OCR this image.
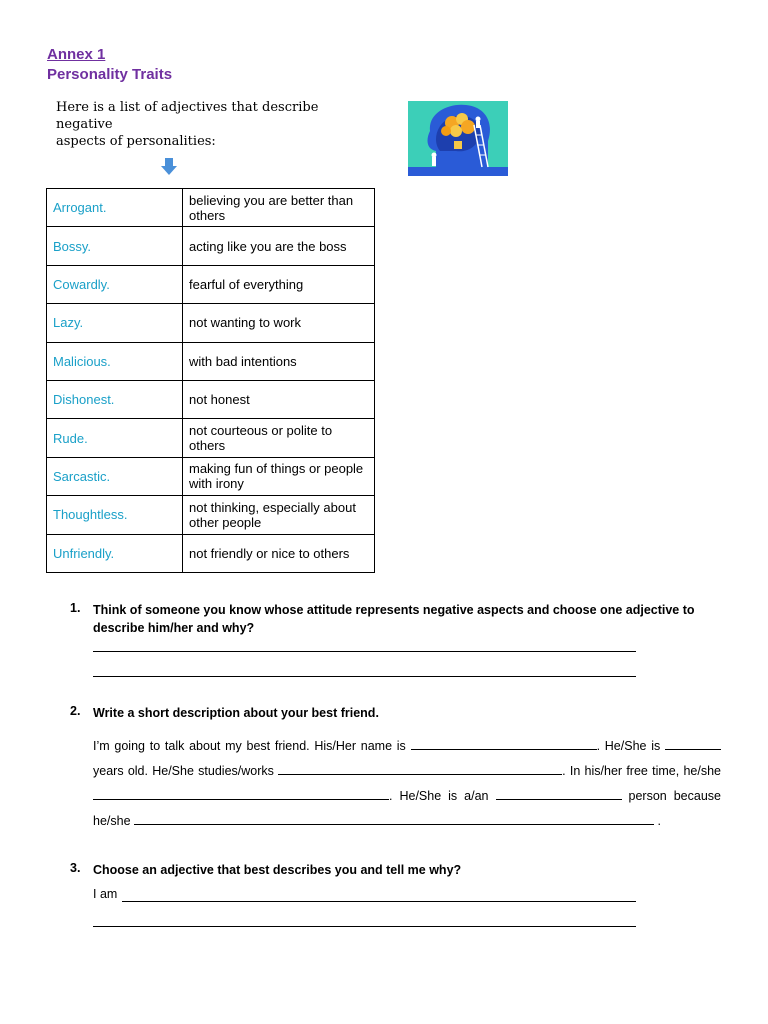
Annex 1
Personality Traits
Here is a list of adjectives that describe
negative
aspects of personalities:
Arrogant.	believing you are better than others
Bossy.	acting like you are the boss
Cowardly.	fearful of everything
Lazy.	not wanting to work
Malicious.	with bad intentions
Dishonest.	not honest
Rude.	not courteous or polite to others
Sarcastic.	making fun of things or people with irony
Thoughtless.	not thinking, especially about other people
Unfriendly.	not friendly or nice to others
1. Think of someone you know whose attitude represents negative aspects and choose one adjective to describe him/her and why?
2. Write a short description about your best friend.
I’m going to talk about my best friend. His/Her name is	. He/She is  years old. He/She studies/works	. In his/her free time, he/she . He/She is a/an	person because he/she	.
3. Choose an adjective that best describes you and tell me why?
I am
